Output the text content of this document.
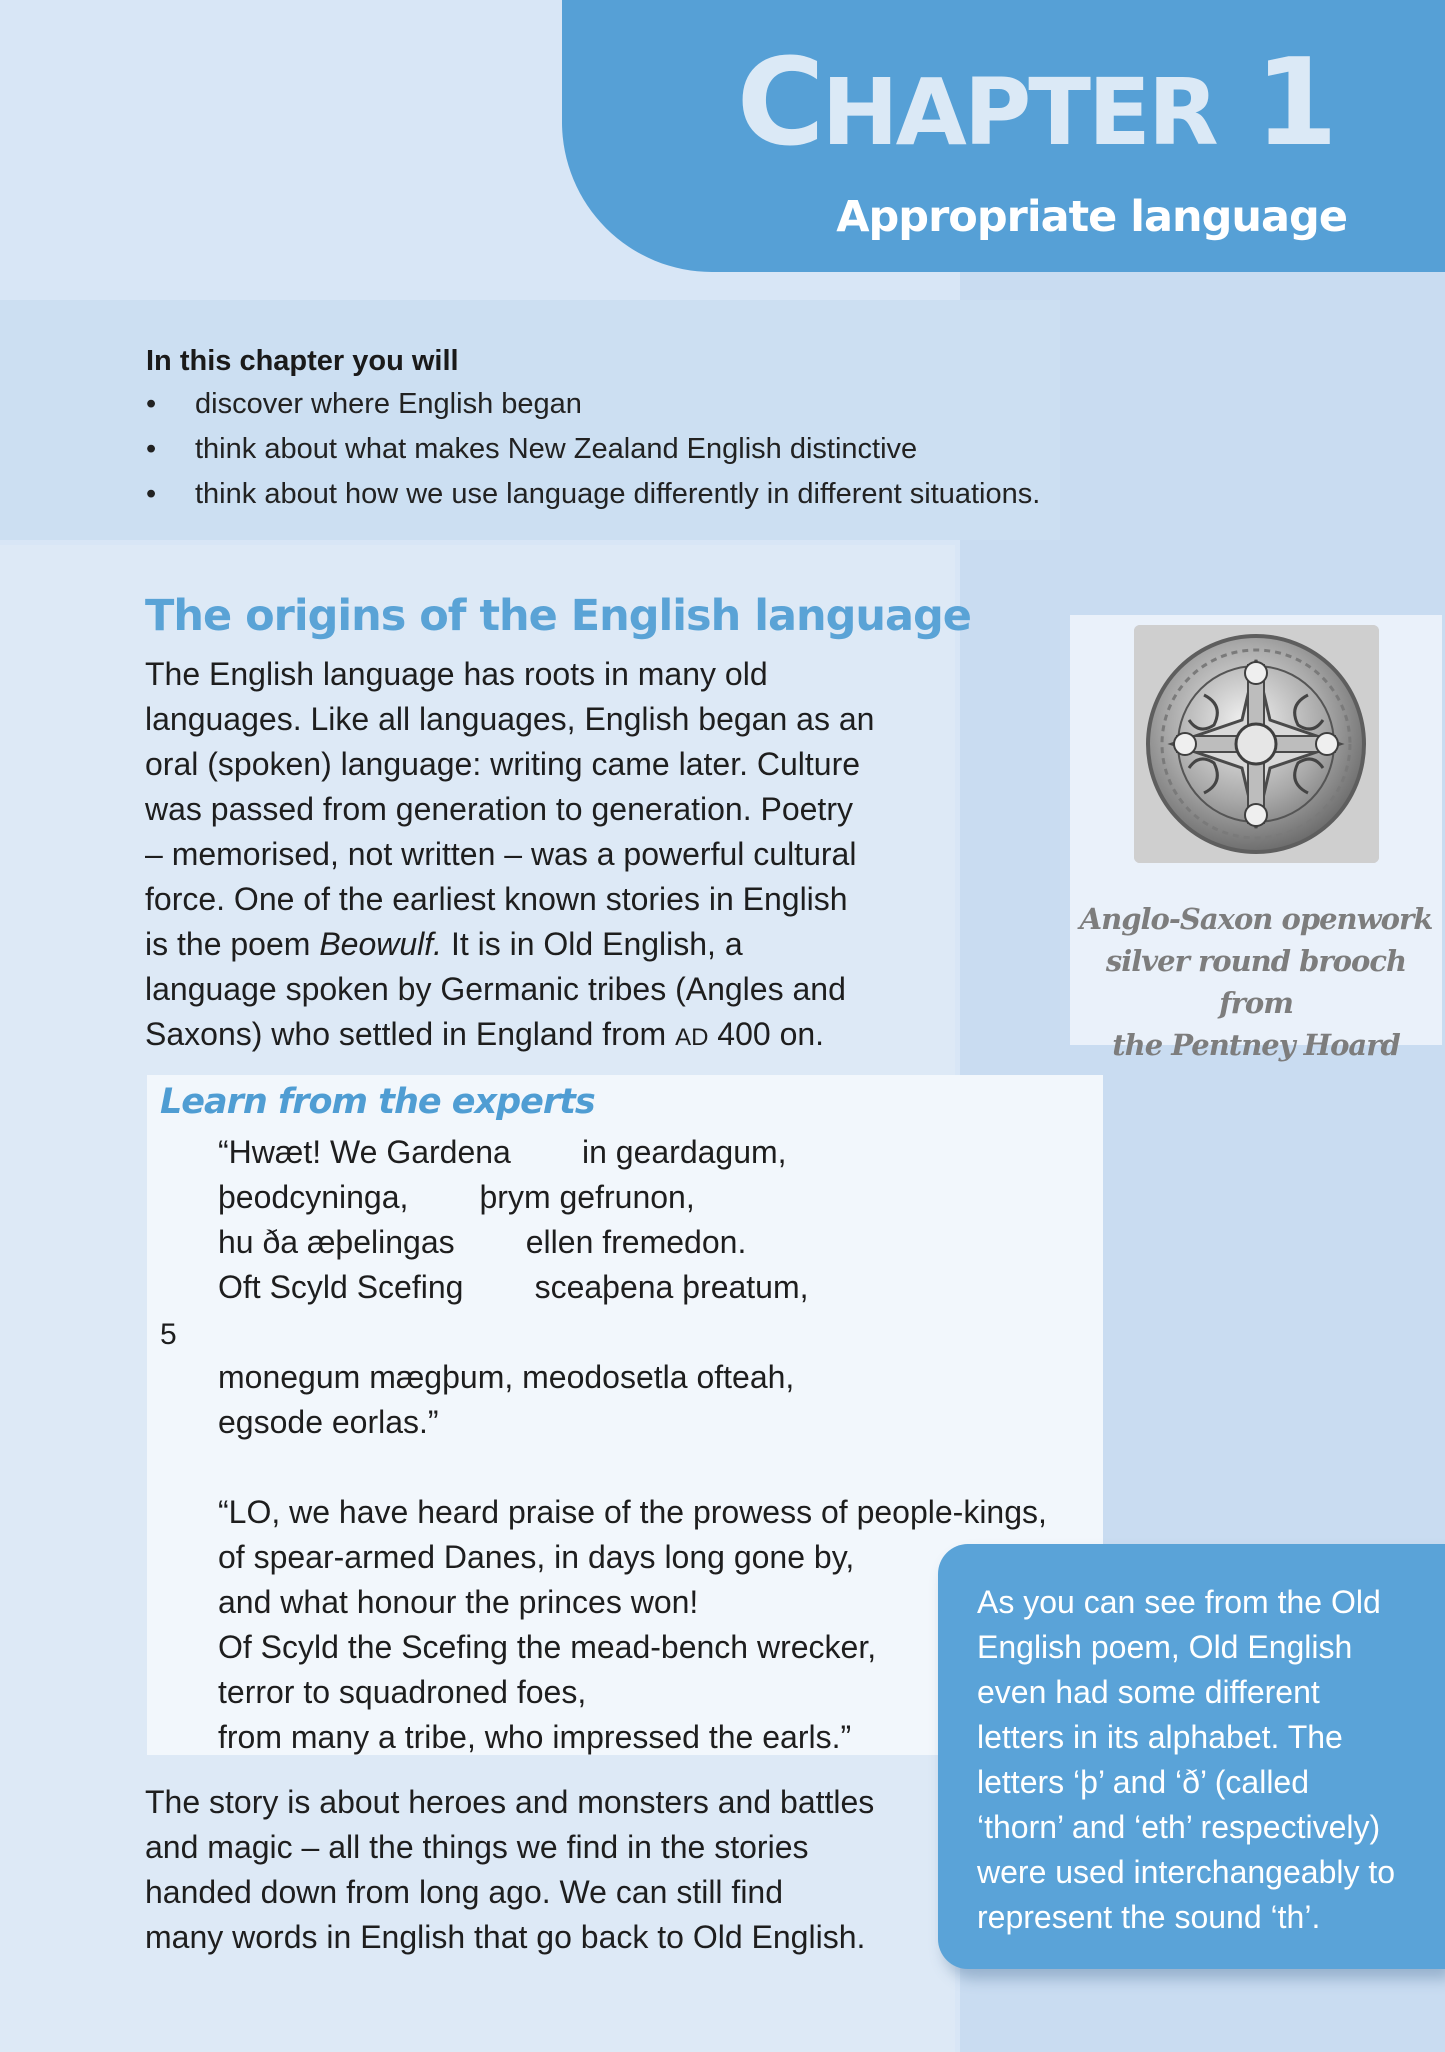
CHAPTER 1
Appropriate language
In this chapter you will
• discover where English began
• think about what makes New Zealand English distinctive
• think about how we use language differently in different situations.
The origins of the English language
The English language has roots in many old
languages. Like all languages, English began as an
oral (spoken) language: writing came later. Culture
was passed from generation to generation. Poetry
– memorised, not written – was a powerful cultural
force. One of the earliest known stories in English
is the poem Beowulf. It is in Old English, a
language spoken by Germanic tribes (Angles and
Saxons) who settled in England from AD 400 on.
Learn from the experts
“Hwæt! We Gardena        in geardagum,
þeodcyninga,        þrym gefrunon,
hu ða æþelingas        ellen fremedon.
Oft Scyld Scefing        sceaþena þreatum,
5
monegum mægþum, meodosetla ofteah,
egsode eorlas.”
“LO, we have heard praise of the prowess of people-kings,
of spear-armed Danes, in days long gone by,
and what honour the princes won!
Of Scyld the Scefing the mead-bench wrecker,
terror to squadroned foes,
from many a tribe, who impressed the earls.”
The story is about heroes and monsters and battles
and magic – all the things we find in the stories
handed down from long ago. We can still find
many words in English that go back to Old English.
Anglo-Saxon openwork
silver round brooch from
the Pentney Hoard
As you can see from the Old
English poem, Old English
even had some different
letters in its alphabet. The
letters ‘þ’ and ‘ð’ (called
‘thorn’ and ‘eth’ respectively)
were used interchangeably to
represent the sound ‘th’.
